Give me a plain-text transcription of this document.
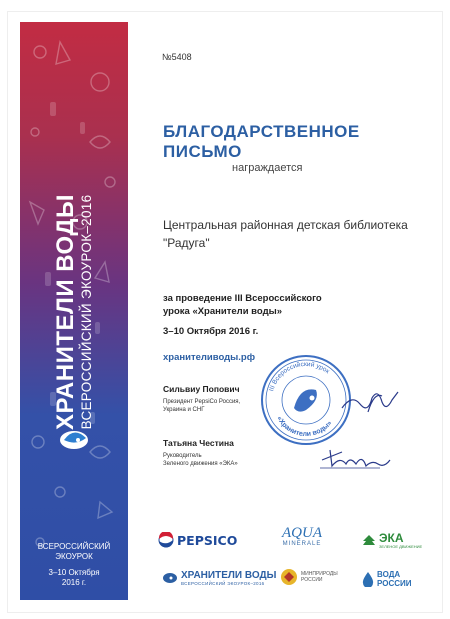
ХРАНИТЕЛИ ВОДЫ ВСЕРОССИЙСКИЙ ЭКОУРОК–2016
ВСЕРОССИЙСКИЙ
ЭКОУРОК
3–10 Октября
2016 г.
№5408
БЛАГОДАРСТВЕННОЕ
ПИСЬМО
награждается
Центральная районная детская библиотека
"Радуга"
за проведение III Всероссийского
урока «Хранители воды»
3–10 Октября 2016 г.
хранителиводы.рф
Сильвиу Попович
Президент PepsiCo Россия,
Украина и СНГ
Татьяна Честина
Руководитель
Зеленого движения «ЭКА»
III Всероссийский урок
«Хранители воды»
PEPSICO	AQUA
MINERALE	ЭКА
ЗЕЛЕНОЕ ДВИЖЕНИЕ
ХРАНИТЕЛИ ВОДЫ
ВСЕРОССИЙСКИЙ ЭКОУРОК–2016
МИНПРИРОДЫ
РОССИИ
ВОДА
РОССИИ
